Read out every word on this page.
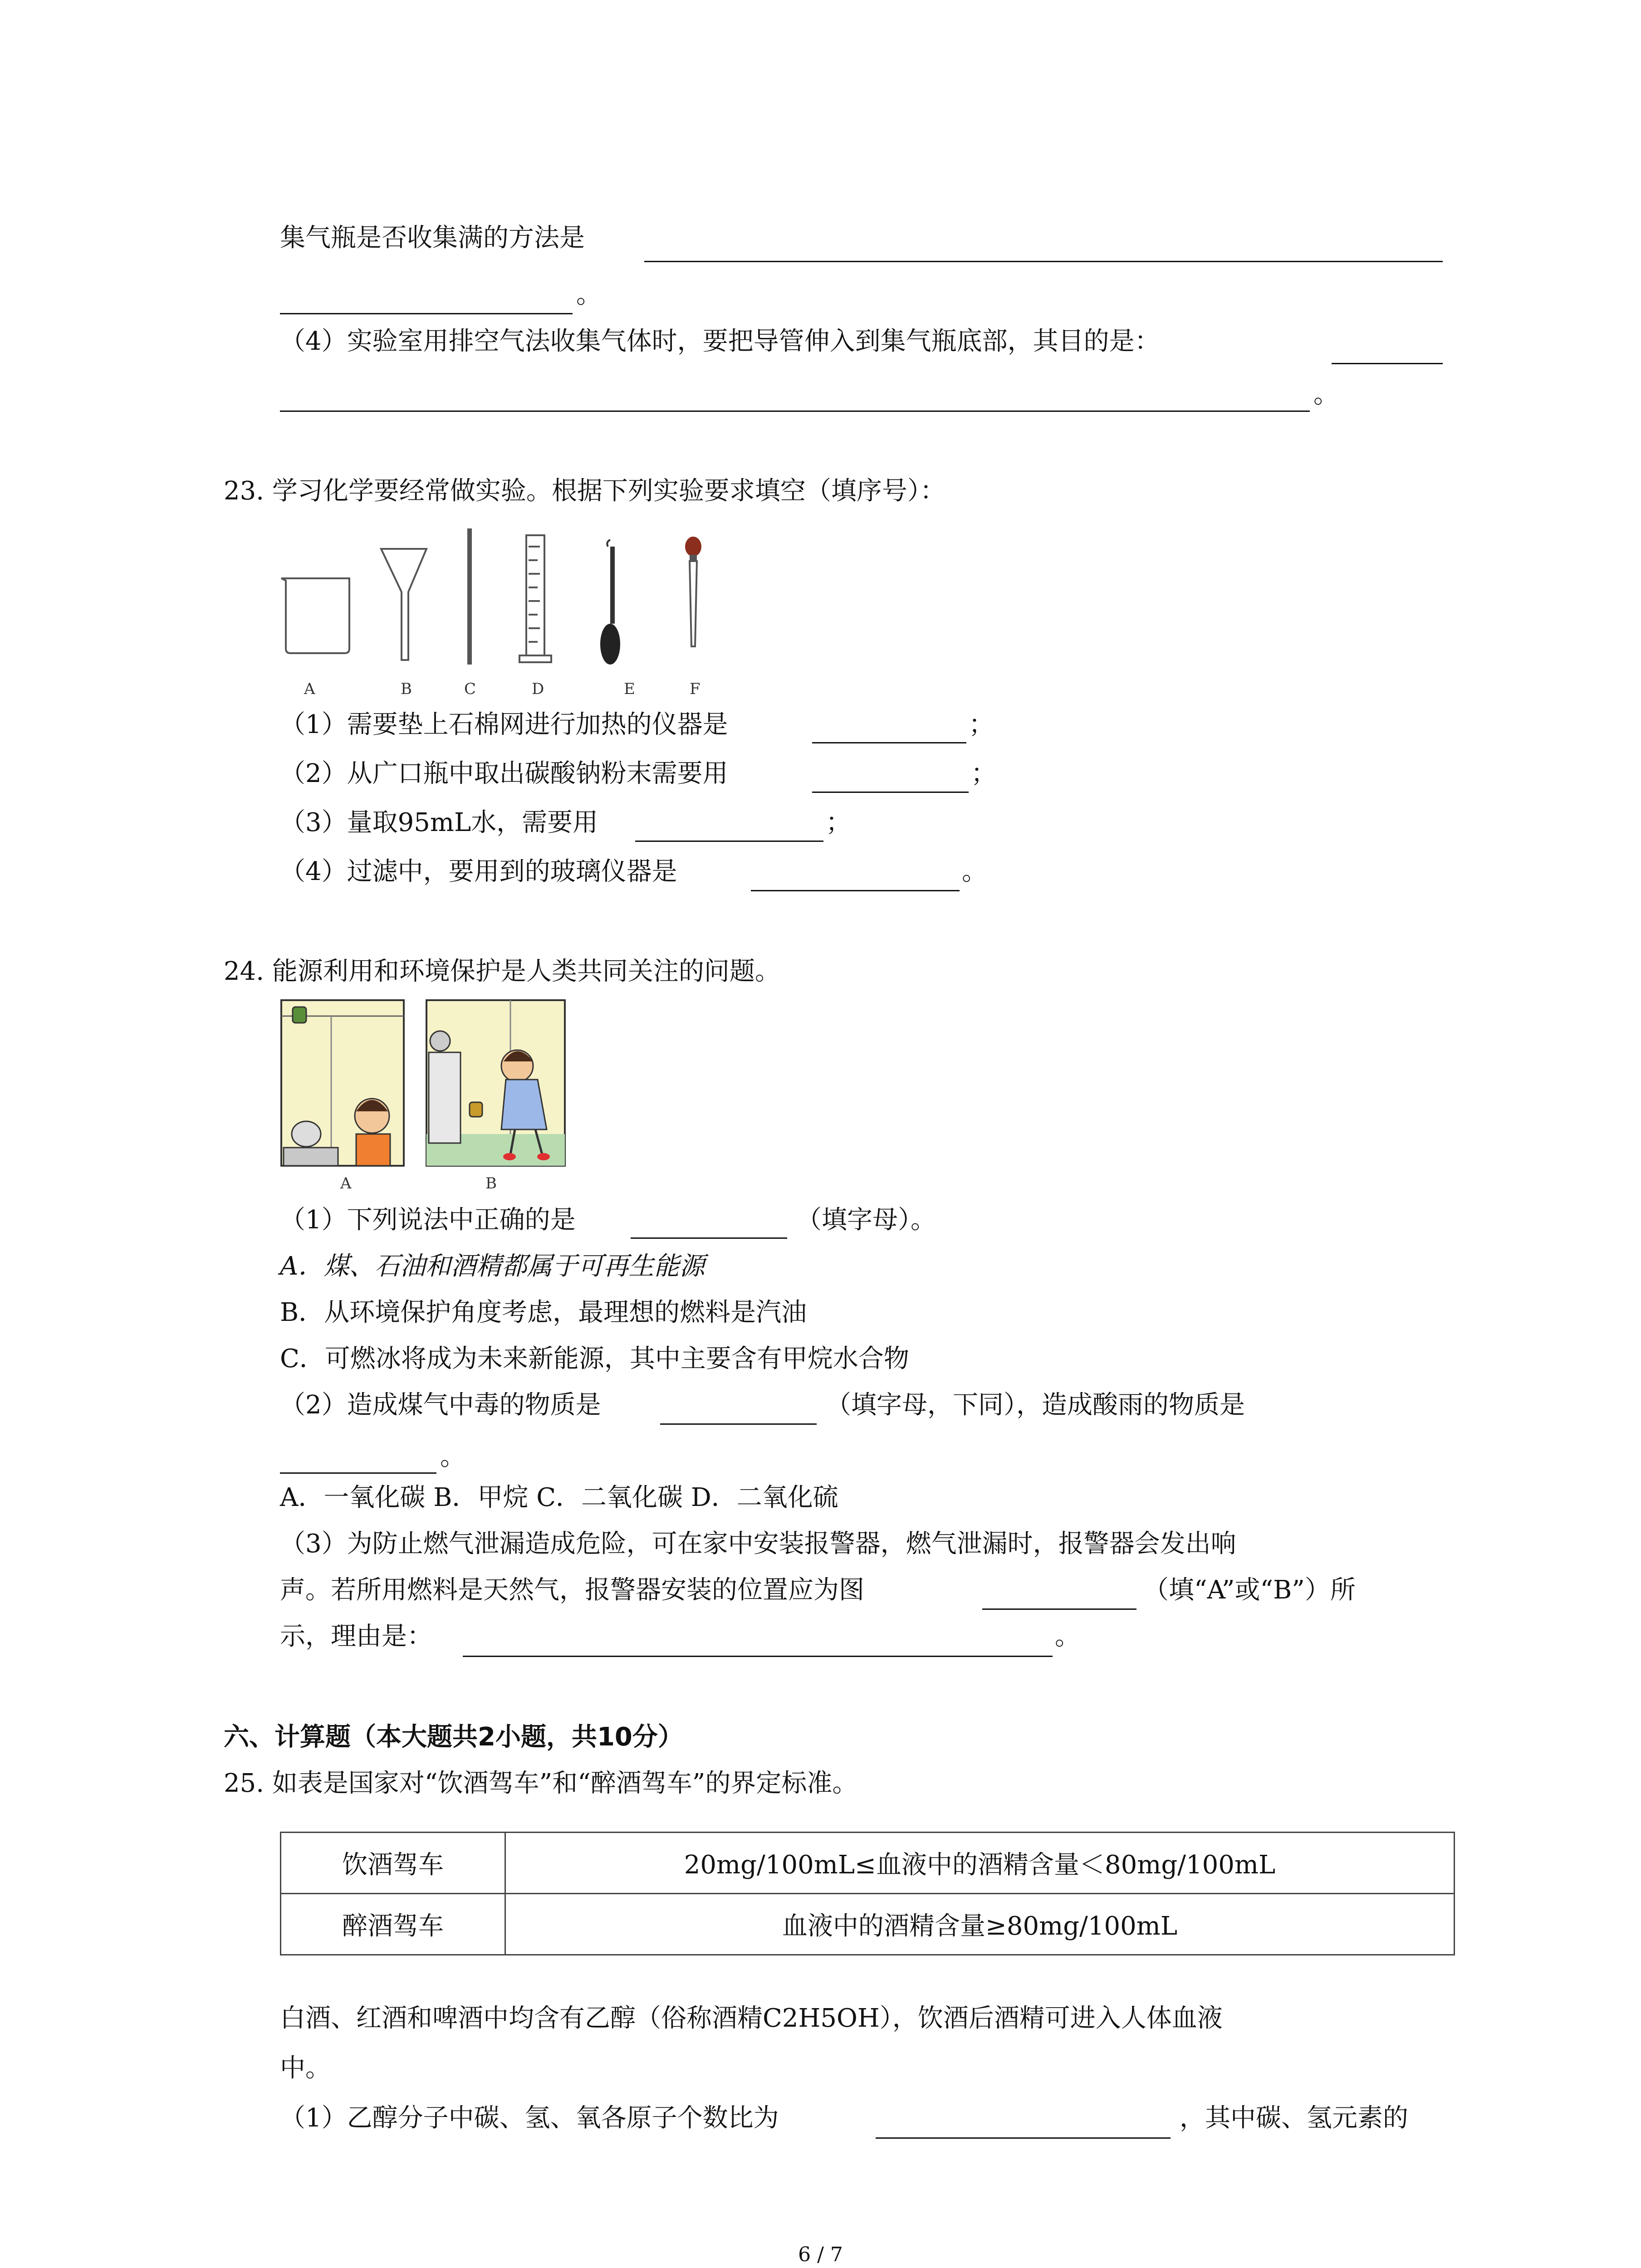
集气瓶是否收集满的方法是
。
（4）实验室用排空气法收集气体时，要把导管伸入到集气瓶底部，其目的是：
。
23. 学习化学要经常做实验。根据下列实验要求填空（填序号）：
A	B	C	D	E	F
（1）需要垫上石棉网进行加热的仪器是	；
（2）从广口瓶中取出碳酸钠粉末需要用	；
（3）量取95mL水，需要用	；
（4）过滤中，要用到的玻璃仪器是	。
24. 能源利用和环境保护是人类共同关注的问题。
A	B
（1）下列说法中正确的是	（填字母）。
A．煤、石油和酒精都属于可再生能源
B．从环境保护角度考虑，最理想的燃料是汽油
C．可燃冰将成为未来新能源，其中主要含有甲烷水合物
（2）造成煤气中毒的物质是	（填字母，下同），造成酸雨的物质是
。
A．一氧化碳 B．甲烷 C．二氧化碳 D．二氧化硫
（3）为防止燃气泄漏造成危险，可在家中安装报警器，燃气泄漏时，报警器会发出响
声。若所用燃料是天然气，报警器安装的位置应为图	（填“A”或“B”）所
示，理由是：	。
六、计算题（本大题共2小题，共10分）
25. 如表是国家对“饮酒驾车”和“醉酒驾车”的界定标准。
饮酒驾车	20mg/100mL≤血液中的酒精含量＜80mg/100mL
醉酒驾车	血液中的酒精含量≥80mg/100mL
白酒、红酒和啤酒中均含有乙醇（俗称酒精C2H5OH），饮酒后酒精可进入人体血液
中。
（1）乙醇分子中碳、氢、氧各原子个数比为	，其中碳、氢元素的
6 / 7
